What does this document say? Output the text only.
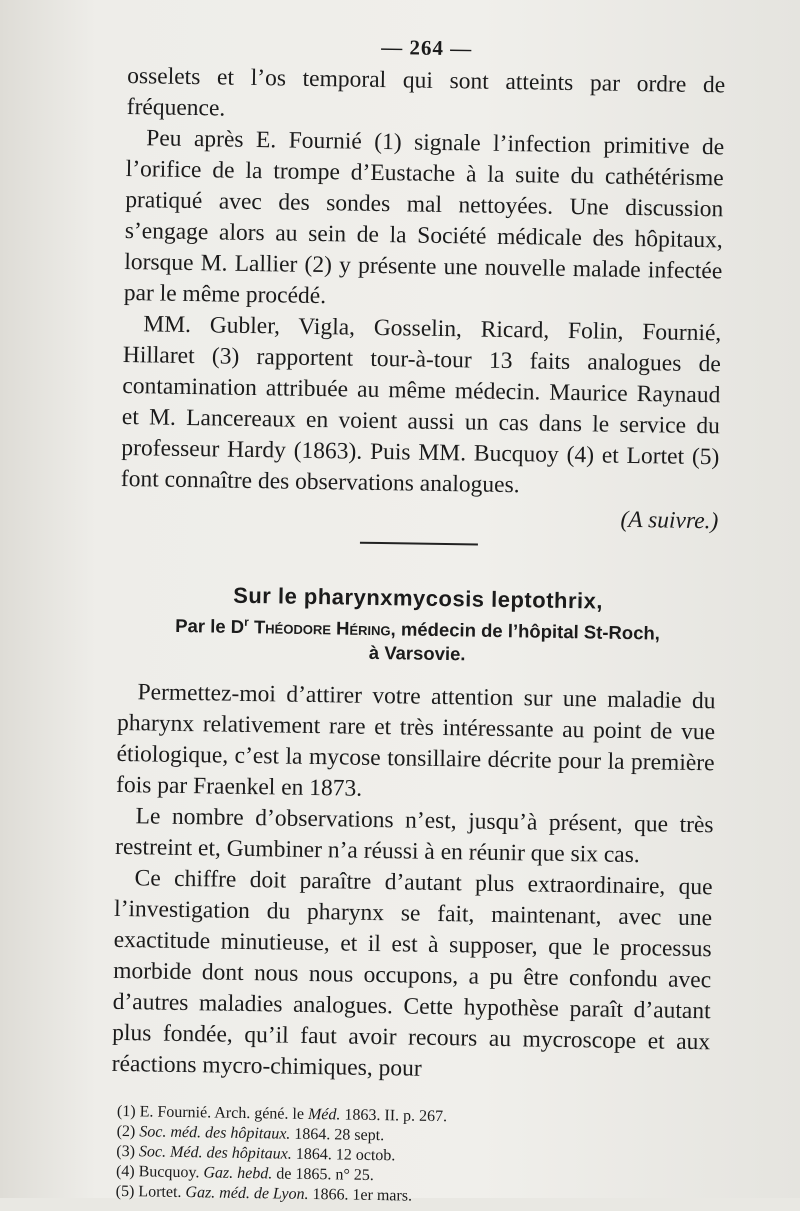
— 264 —

osselets et l’os temporal qui sont atteints par ordre de fréquence.

Peu après E. Fournié (1) signale l’infection primitive de l’orifice de la trompe d’Eustache à la suite du cathétérisme pratiqué avec des sondes mal nettoyées. Une discussion s’engage alors au sein de la Société médicale des hôpitaux, lorsque M. Lallier (2) y présente une nouvelle malade infectée par le même procédé.

MM. Gubler, Vigla, Gosselin, Ricard, Folin, Fournié, Hillaret (3) rapportent tour-à-tour 13 faits analogues de contamination attribuée au même médecin. Maurice Raynaud et M. Lancereaux en voient aussi un cas dans le service du professeur Hardy (1863). Puis MM. Bucquoy (4) et Lortet (5) font connaître des observations analogues.

(A suivre.)
Sur le pharynxmycosis leptothrix,
Par le $D^r$ Théodore Héring, médecin de l’hôpital St-Roch,
à Varsovie.

Permettez-moi d’attirer votre attention sur une maladie du pharynx relativement rare et très intéressante au point de vue étiologique, c’est la mycose tonsillaire décrite pour la première fois par Fraenkel en 1873.

Le nombre d’observations n’est, jusqu’à présent, que très restreint et, Gumbiner n’a réussi à en réunir que six cas.

Ce chiffre doit paraître d’autant plus extraordinaire, que l’investigation du pharynx se fait, maintenant, avec une exactitude minutieuse, et il est à supposer, que le processus morbide dont nous nous occupons, a pu être confondu avec d’autres maladies analogues. Cette hypothèse paraît d’autant plus fondée, qu’il faut avoir recours au mycroscope et aux réactions mycro-chimiques, pour

(1) E. Fournié. Arch. géné. le Méd. 1863. II. p. 267.
(2) Soc. méd. des hôpitaux. 1864. 28 sept.
(3) Soc. Méd. des hôpitaux. 1864. 12 octob.
(4) Bucquoy. Gaz. hebd. de 1865. n° 25.
(5) Lortet. Gaz. méd. de Lyon. 1866. 1er mars.
